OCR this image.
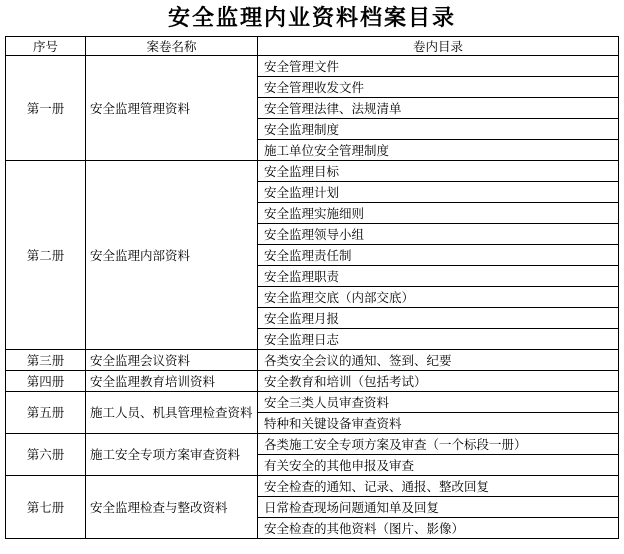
安全监理内业资料档案目录
序号	案卷名称	卷内目录
第一册	安全监理管理资料	安全管理文件
		安全管理收发文件
		安全管理法律、法规清单
		安全监理制度
		施工单位安全管理制度
第二册	安全监理内部资料	安全监理目标
		安全监理计划
		安全监理实施细则
		安全监理领导小组
		安全监理责任制
		安全监理职责
		安全监理交底（内部交底）
		安全监理月报
		安全监理日志
第三册	安全监理会议资料	各类安全会议的通知、签到、纪要
第四册	安全监理教育培训资料	安全教育和培训（包括考试）
第五册	施工人员、机具管理检查资料	安全三类人员审查资料
		特种和关键设备审查资料
第六册	施工安全专项方案审查资料	各类施工安全专项方案及审查（一个标段一册）
		有关安全的其他申报及审查
第七册	安全监理检查与整改资料	安全检查的通知、记录、通报、整改回复
		日常检查现场问题通知单及回复
		安全检查的其他资料（图片、影像）
